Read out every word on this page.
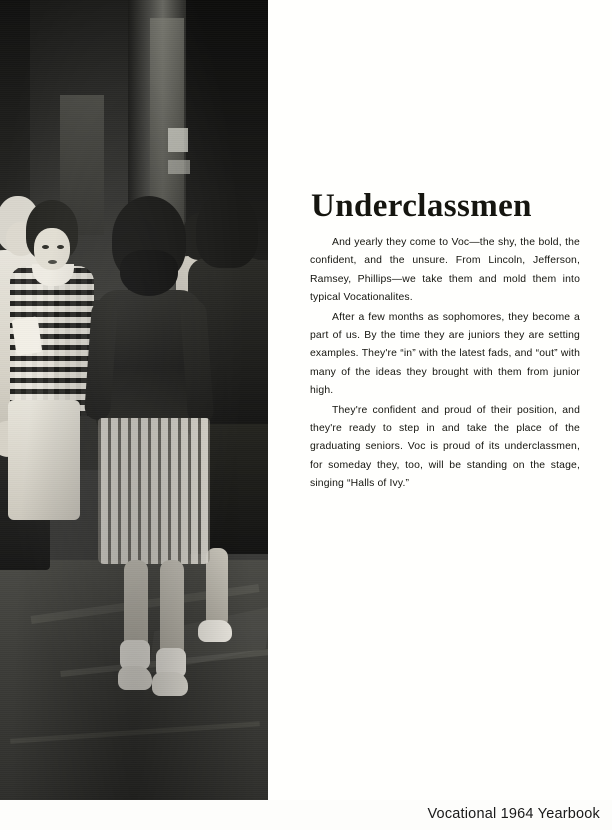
Underclassmen

And yearly they come to Voc—the shy, the bold, the confident, and the unsure. From Lincoln, Jefferson, Ramsey, Phillips—we take them and mold them into typical Vocationalites.

After a few months as sophomores, they become a part of us. By the time they are juniors they are setting examples. They're “in” with the latest fads, and “out” with many of the ideas they brought with them from junior high.

They're confident and proud of their position, and they're ready to step in and take the place of the graduating seniors. Voc is proud of its underclassmen, for someday they, too, will be standing on the stage, singing “Halls of Ivy.”

Vocational 1964 Yearbook
